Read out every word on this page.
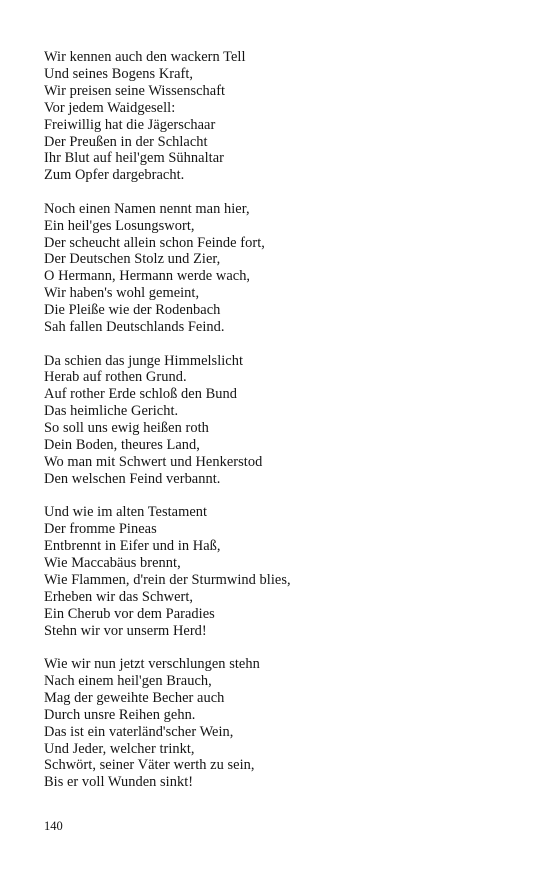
Wir kennen auch den wackern Tell
Und seines Bogens Kraft,
Wir preisen seine Wissenschaft
Vor jedem Waidgesell:
Freiwillig hat die Jägerschaar
Der Preußen in der Schlacht
Ihr Blut auf heil'gem Sühnaltar
Zum Opfer dargebracht.
Noch einen Namen nennt man hier,
Ein heil'ges Losungswort,
Der scheucht allein schon Feinde fort,
Der Deutschen Stolz und Zier,
O Hermann, Hermann werde wach,
Wir haben's wohl gemeint,
Die Pleiße wie der Rodenbach
Sah fallen Deutschlands Feind.
Da schien das junge Himmelslicht
Herab auf rothen Grund.
Auf rother Erde schloß den Bund
Das heimliche Gericht.
So soll uns ewig heißen roth
Dein Boden, theures Land,
Wo man mit Schwert und Henkerstod
Den welschen Feind verbannt.
Und wie im alten Testament
Der fromme Pineas
Entbrennt in Eifer und in Haß,
Wie Maccabäus brennt,
Wie Flammen, d'rein der Sturmwind blies,
Erheben wir das Schwert,
Ein Cherub vor dem Paradies
Stehn wir vor unserm Herd!
Wie wir nun jetzt verschlungen stehn
Nach einem heil'gen Brauch,
Mag der geweihte Becher auch
Durch unsre Reihen gehn.
Das ist ein vaterländ'scher Wein,
Und Jeder, welcher trinkt,
Schwört, seiner Väter werth zu sein,
Bis er voll Wunden sinkt!
140
